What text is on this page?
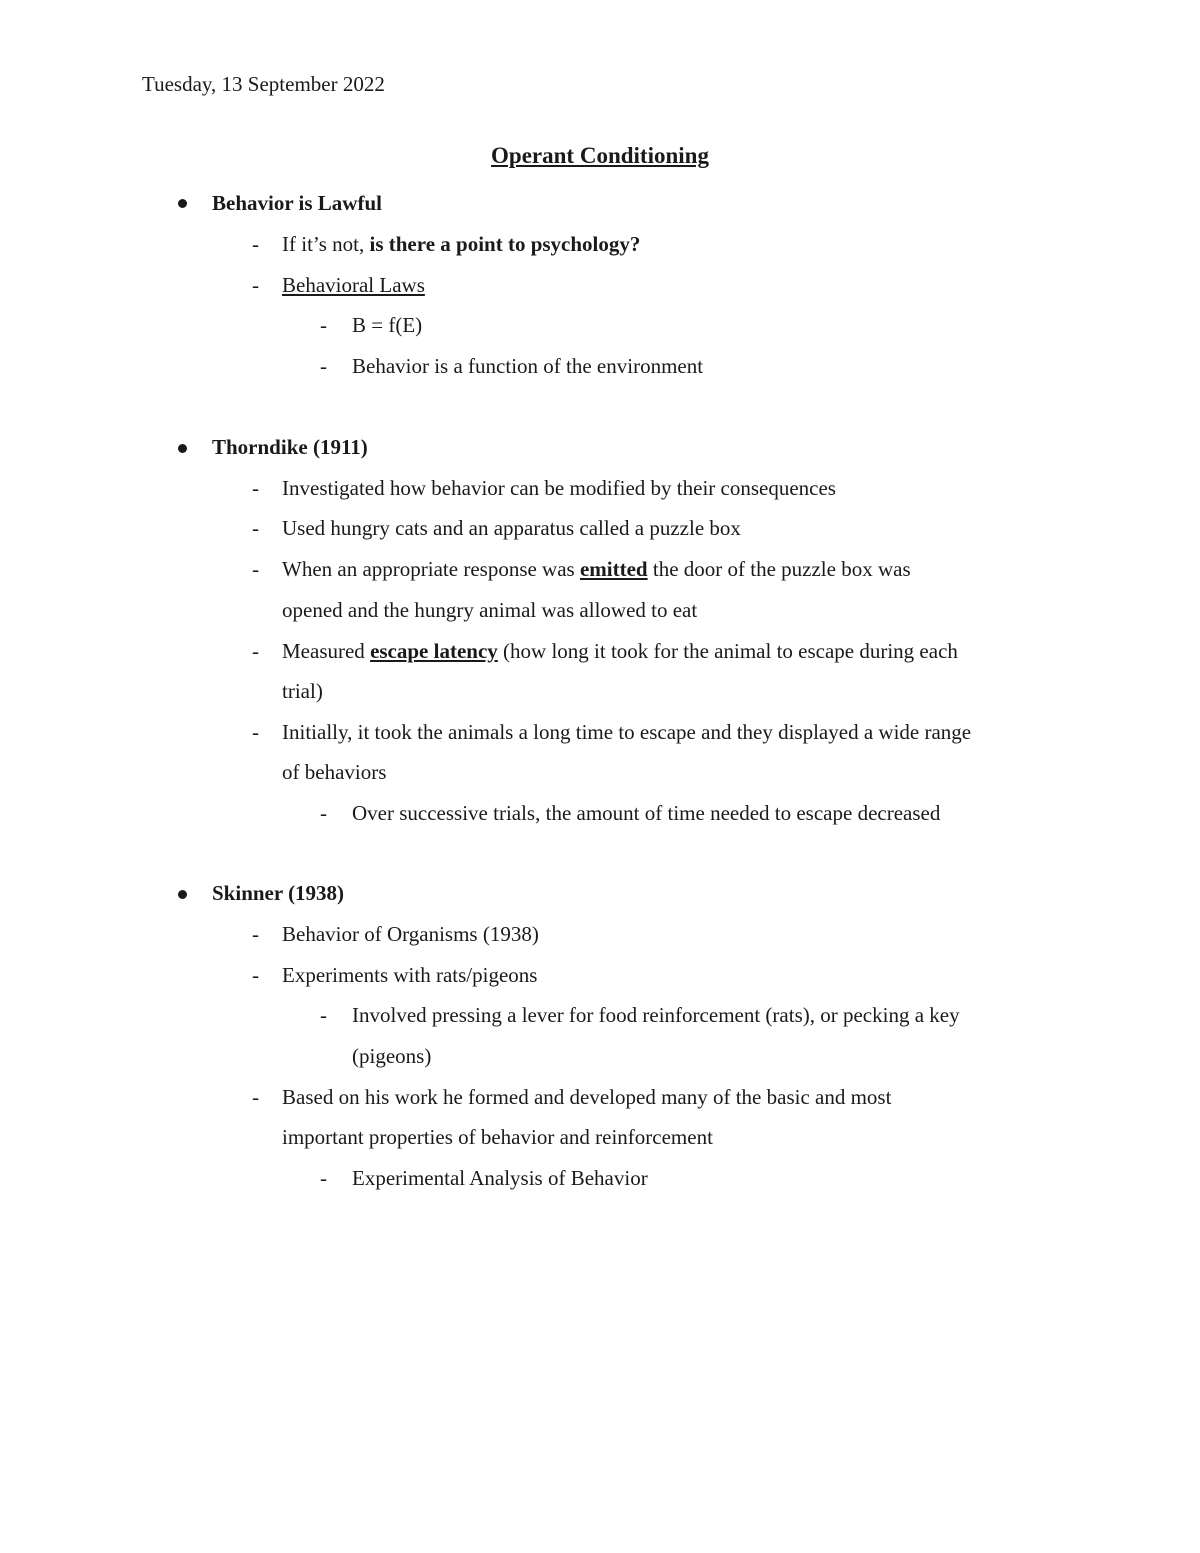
Tuesday, 13 September 2022
Operant Conditioning
Behavior is Lawful
- If it’s not, is there a point to psychology?
- Behavioral Laws
- B = f(E)
- Behavior is a function of the environment
Thorndike (1911)
- Investigated how behavior can be modified by their consequences
- Used hungry cats and an apparatus called a puzzle box
- When an appropriate response was emitted the door of the puzzle box was
opened and the hungry animal was allowed to eat
- Measured escape latency (how long it took for the animal to escape during each
trial)
- Initially, it took the animals a long time to escape and they displayed a wide range
of behaviors
- Over successive trials, the amount of time needed to escape decreased
Skinner (1938)
- Behavior of Organisms (1938)
- Experiments with rats/pigeons
- Involved pressing a lever for food reinforcement (rats), or pecking a key
(pigeons)
- Based on his work he formed and developed many of the basic and most
important properties of behavior and reinforcement
- Experimental Analysis of Behavior
